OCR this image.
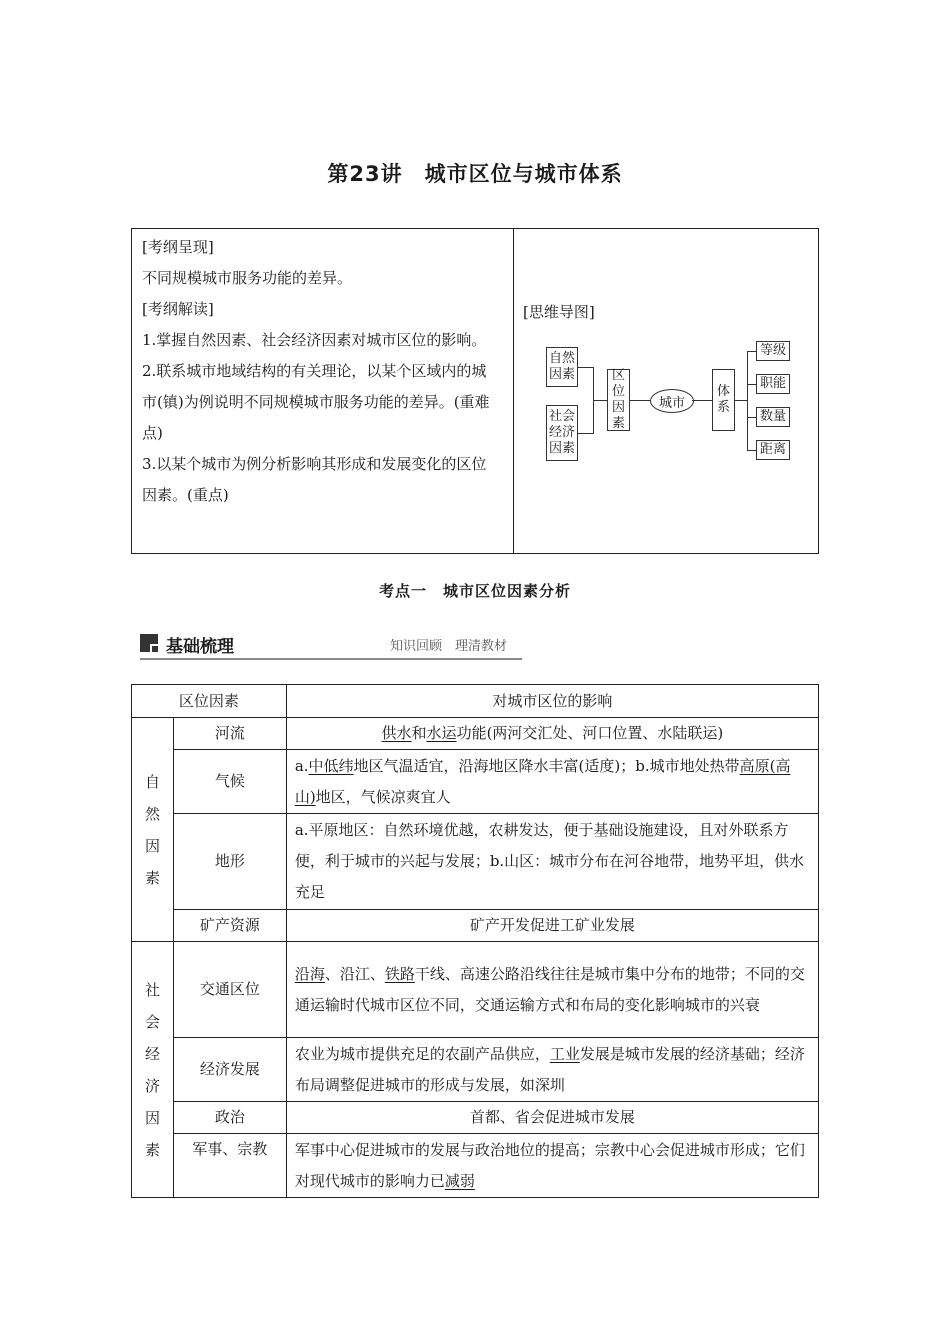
第23讲　城市区位与城市体系

[考纲呈现]

不同规模城市服务功能的差异。

[考纲解读]

1.掌握自然因素、社会经济因素对城市区位的影响。

2.联系城市地域结构的有关理论，以某个区域内的城市(镇)为例说明不同规模城市服务功能的差异。(重难点)

3.以某个城市为例分析影响其形成和发展变化的区位因素。(重点)

[思维导图]
自然因素
社会经济因素
区位因素
城市
体系
等级
职能
数量
距离
考点一　城市区位因素分析
基础梳理	知识回顾　理清教材
区位因素		对城市区位的影响

自然因素	河流	供水和水运功能(两河交汇处、河口位置、水陆联运)
	气候	a.中低纬地区气温适宜，沿海地区降水丰富(适度)；b.城市地处热带高原(高山)地区，气候凉爽宜人
	地形	a.平原地区：自然环境优越，农耕发达，便于基础设施建设，且对外联系方便，利于城市的兴起与发展；b.山区：城市分布在河谷地带，地势平坦，供水充足
	矿产资源	矿产开发促进工矿业发展

社会经济因素	交通区位	沿海、沿江、铁路干线、高速公路沿线往往是城市集中分布的地带；不同的交通运输时代城市区位不同，交通运输方式和布局的变化影响城市的兴衰
	经济发展	农业为城市提供充足的农副产品供应，工业发展是城市发展的经济基础；经济布局调整促进城市的形成与发展，如深圳
	政治	首都、省会促进城市发展
	军事、宗教	军事中心促进城市的发展与政治地位的提高；宗教中心会促进城市形成；它们对现代城市的影响力已减弱
